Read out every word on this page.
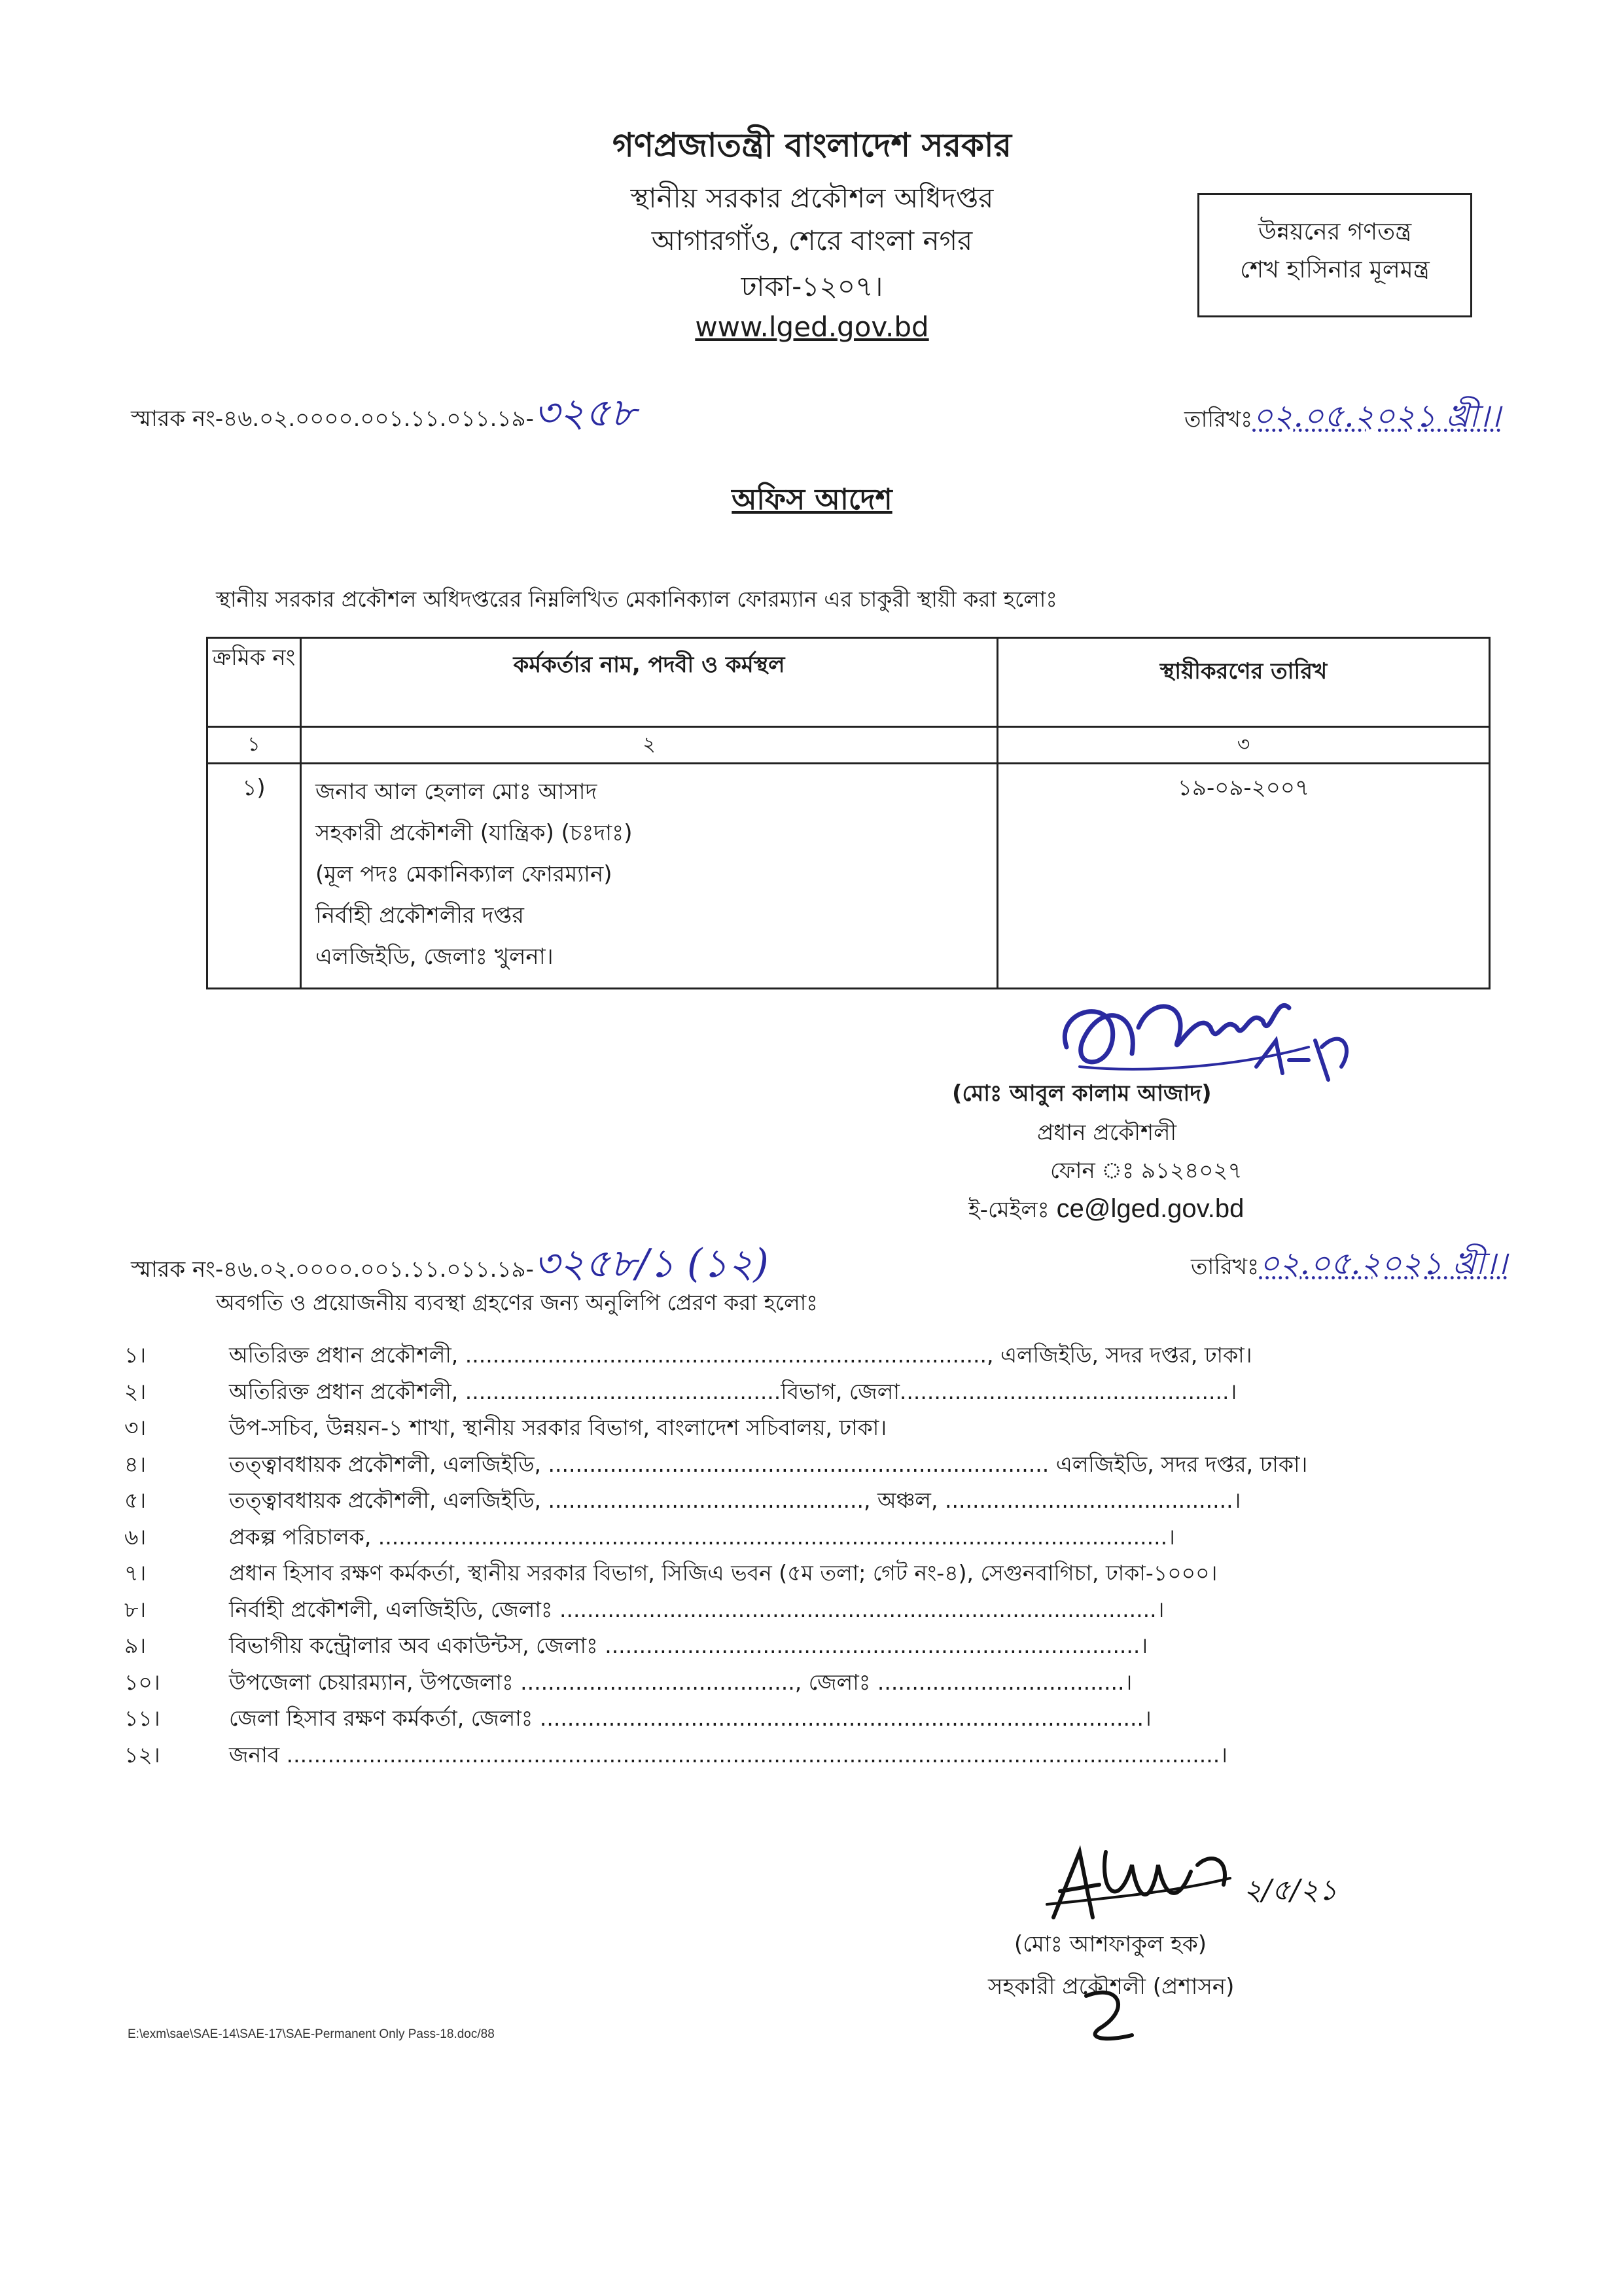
গণপ্রজাতন্ত্রী বাংলাদেশ সরকার
স্থানীয় সরকার প্রকৌশল অধিদপ্তর
আগারগাঁও, শেরে বাংলা নগর
ঢাকা-১২০৭।
www.lged.gov.bd
উন্নয়নের গণতন্ত্র
শেখ হাসিনার মূলমন্ত্র
স্মারক নং-৪৬.০২.০০০০.০০১.১১.০১১.১৯-৩২৫৮	তারিখঃ০২.০৫.২০২১ খ্রী।।
অফিস আদেশ
স্থানীয় সরকার প্রকৌশল অধিদপ্তরের নিম্নলিখিত মেকানিক্যাল ফোরম্যান এর চাকুরী স্থায়ী করা হলোঃ
ক্রমিক নং	কর্মকর্তার নাম, পদবী ও কর্মস্থল	স্থায়ীকরণের তারিখ
১	২	৩
১)	জনাব আল হেলাল মোঃ আসাদ
সহকারী প্রকৌশলী (যান্ত্রিক) (চঃদাঃ)
(মূল পদঃ মেকানিক্যাল ফোরম্যান)
নির্বাহী প্রকৌশলীর দপ্তর
এলজিইডি, জেলাঃ খুলনা।	১৯-০৯-২০০৭
(মোঃ আবুল কালাম আজাদ)
প্রধান প্রকৌশলী
ফোন ঃ ৯১২৪০২৭
ই-মেইলঃ ce@lged.gov.bd
স্মারক নং-৪৬.০২.০০০০.০০১.১১.০১১.১৯-৩২৫৮/১ (১২)	তারিখঃ০২.০৫.২০২১ খ্রী।।
অবগতি ও প্রয়োজনীয় ব্যবস্থা গ্রহণের জন্য অনুলিপি প্রেরণ করা হলোঃ
১।	অতিরিক্ত প্রধান প্রকৌশলী, ............................................................................, এলজিইডি, সদর দপ্তর, ঢাকা।
২।	অতিরিক্ত প্রধান প্রকৌশলী, ..............................................বিভাগ, জেলা................................................।
৩।	উপ-সচিব, উন্নয়ন-১ শাখা, স্থানীয় সরকার বিভাগ, বাংলাদেশ সচিবালয়, ঢাকা।
৪।	তত্ত্বাবধায়ক প্রকৌশলী, এলজিইডি, ......................................................................... এলজিইডি, সদর দপ্তর, ঢাকা।
৫।	তত্ত্বাবধায়ক প্রকৌশলী, এলজিইডি, .............................................., অঞ্চল, ..........................................।
৬।	প্রকল্প পরিচালক, ...................................................................................................................।
৭।	প্রধান হিসাব রক্ষণ কর্মকর্তা, স্থানীয় সরকার বিভাগ, সিজিএ ভবন (৫ম তলা; গেট নং-৪), সেগুনবাগিচা, ঢাকা-১০০০।
৮।	নির্বাহী প্রকৌশলী, এলজিইডি, জেলাঃ .......................................................................................।
৯।	বিভাগীয় কন্ট্রোলার অব একাউন্টস, জেলাঃ ..............................................................................।
১০।	উপজেলা চেয়ারম্যান, উপজেলাঃ ........................................, জেলাঃ ....................................।
১১।	জেলা হিসাব রক্ষণ কর্মকর্তা, জেলাঃ ........................................................................................।
১২।	জনাব ........................................................................................................................................।
২/৫/২১
(মোঃ আশফাকুল হক)
সহকারী প্রকৌশলী (প্রশাসন)
E:\exm\sae\SAE-14\SAE-17\SAE-Permanent Only Pass-18.doc/88
